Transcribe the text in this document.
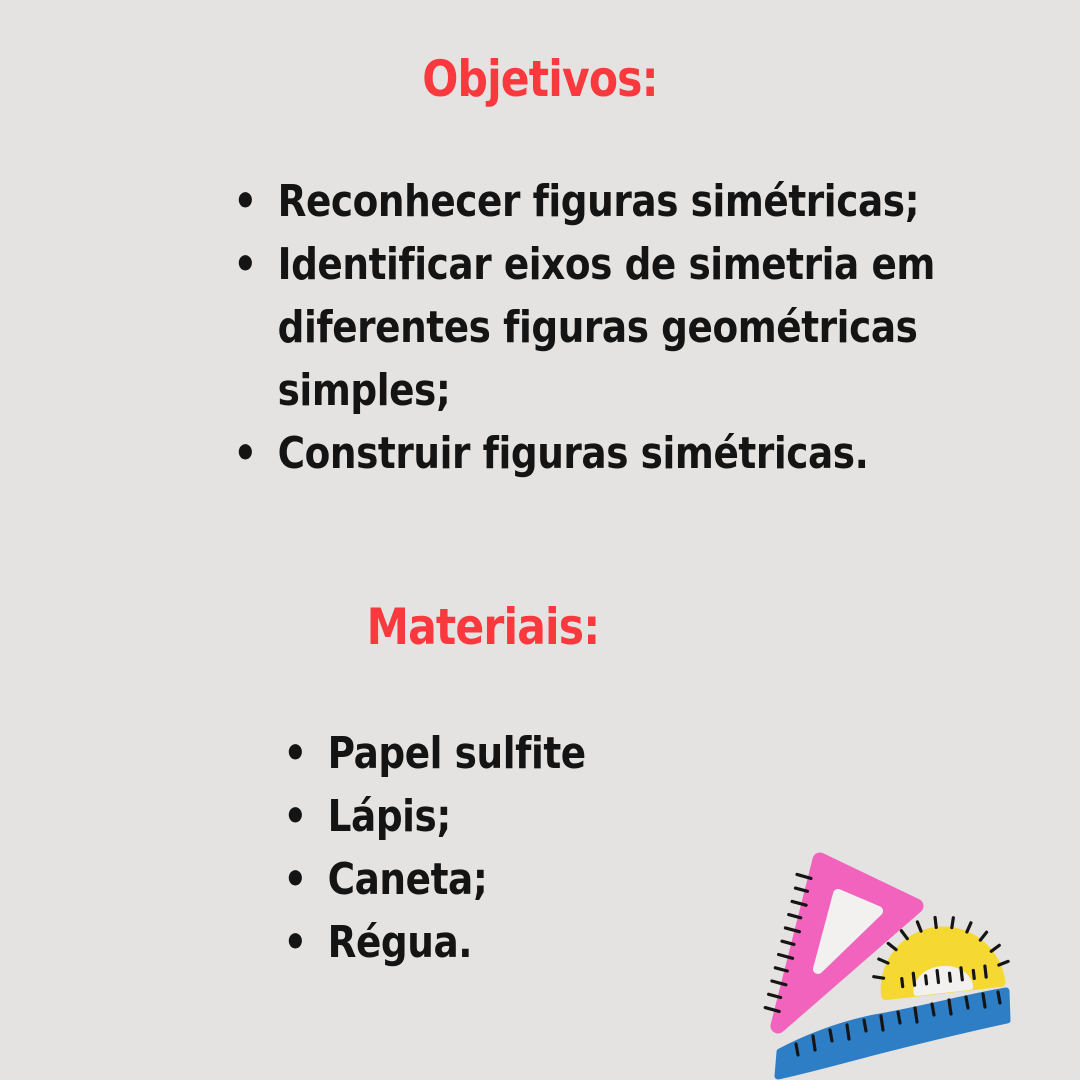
Objetivos:
• Reconhecer figuras simétricas;
• Identificar eixos de simetria em
diferentes figuras geométricas
simples;
• Construir figuras simétricas.
Materiais:
• Papel sulfite
• Lápis;
• Caneta;
• Régua.
